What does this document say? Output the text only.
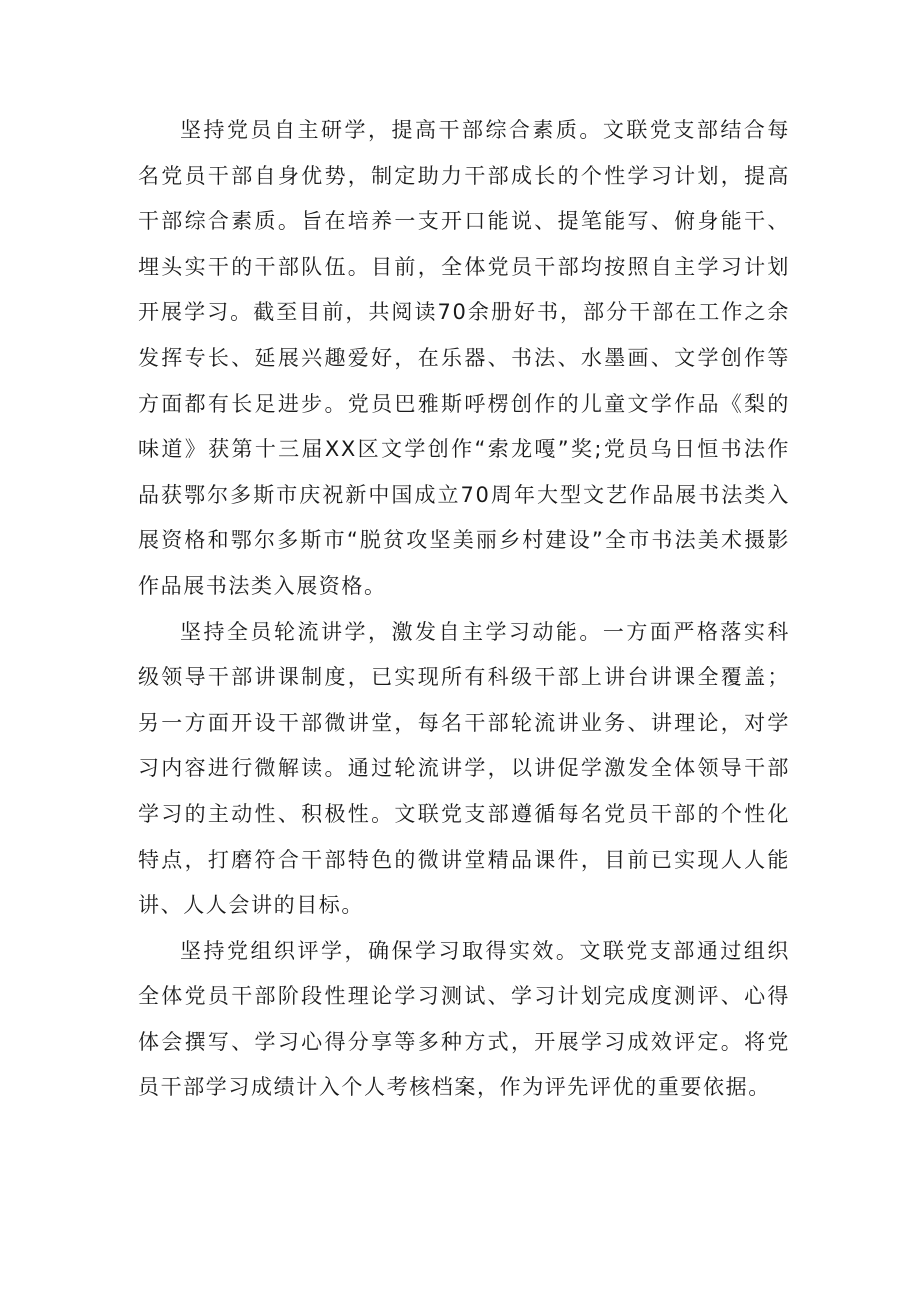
坚持党员自主研学，提高干部综合素质。文联党支部结合每名党员干部自身优势，制定助力干部成长的个性学习计划，提高干部综合素质。旨在培养一支开口能说、提笔能写、俯身能干、埋头实干的干部队伍。目前，全体党员干部均按照自主学习计划开展学习。截至目前，共阅读70余册好书，部分干部在工作之余发挥专长、延展兴趣爱好，在乐器、书法、水墨画、文学创作等方面都有长足进步。党员巴雅斯呼楞创作的儿童文学作品《梨的味道》获第十三届XX区文学创作“索龙嘎”奖;党员乌日恒书法作品获鄂尔多斯市庆祝新中国成立70周年大型文艺作品展书法类入展资格和鄂尔多斯市“脱贫攻坚美丽乡村建设”全市书法美术摄影作品展书法类入展资格。

坚持全员轮流讲学，激发自主学习动能。一方面严格落实科级领导干部讲课制度，已实现所有科级干部上讲台讲课全覆盖；另一方面开设干部微讲堂，每名干部轮流讲业务、讲理论，对学习内容进行微解读。通过轮流讲学，以讲促学激发全体领导干部学习的主动性、积极性。文联党支部遵循每名党员干部的个性化特点，打磨符合干部特色的微讲堂精品课件，目前已实现人人能讲、人人会讲的目标。

坚持党组织评学，确保学习取得实效。文联党支部通过组织全体党员干部阶段性理论学习测试、学习计划完成度测评、心得体会撰写、学习心得分享等多种方式，开展学习成效评定。将党员干部学习成绩计入个人考核档案，作为评先评优的重要依据。
